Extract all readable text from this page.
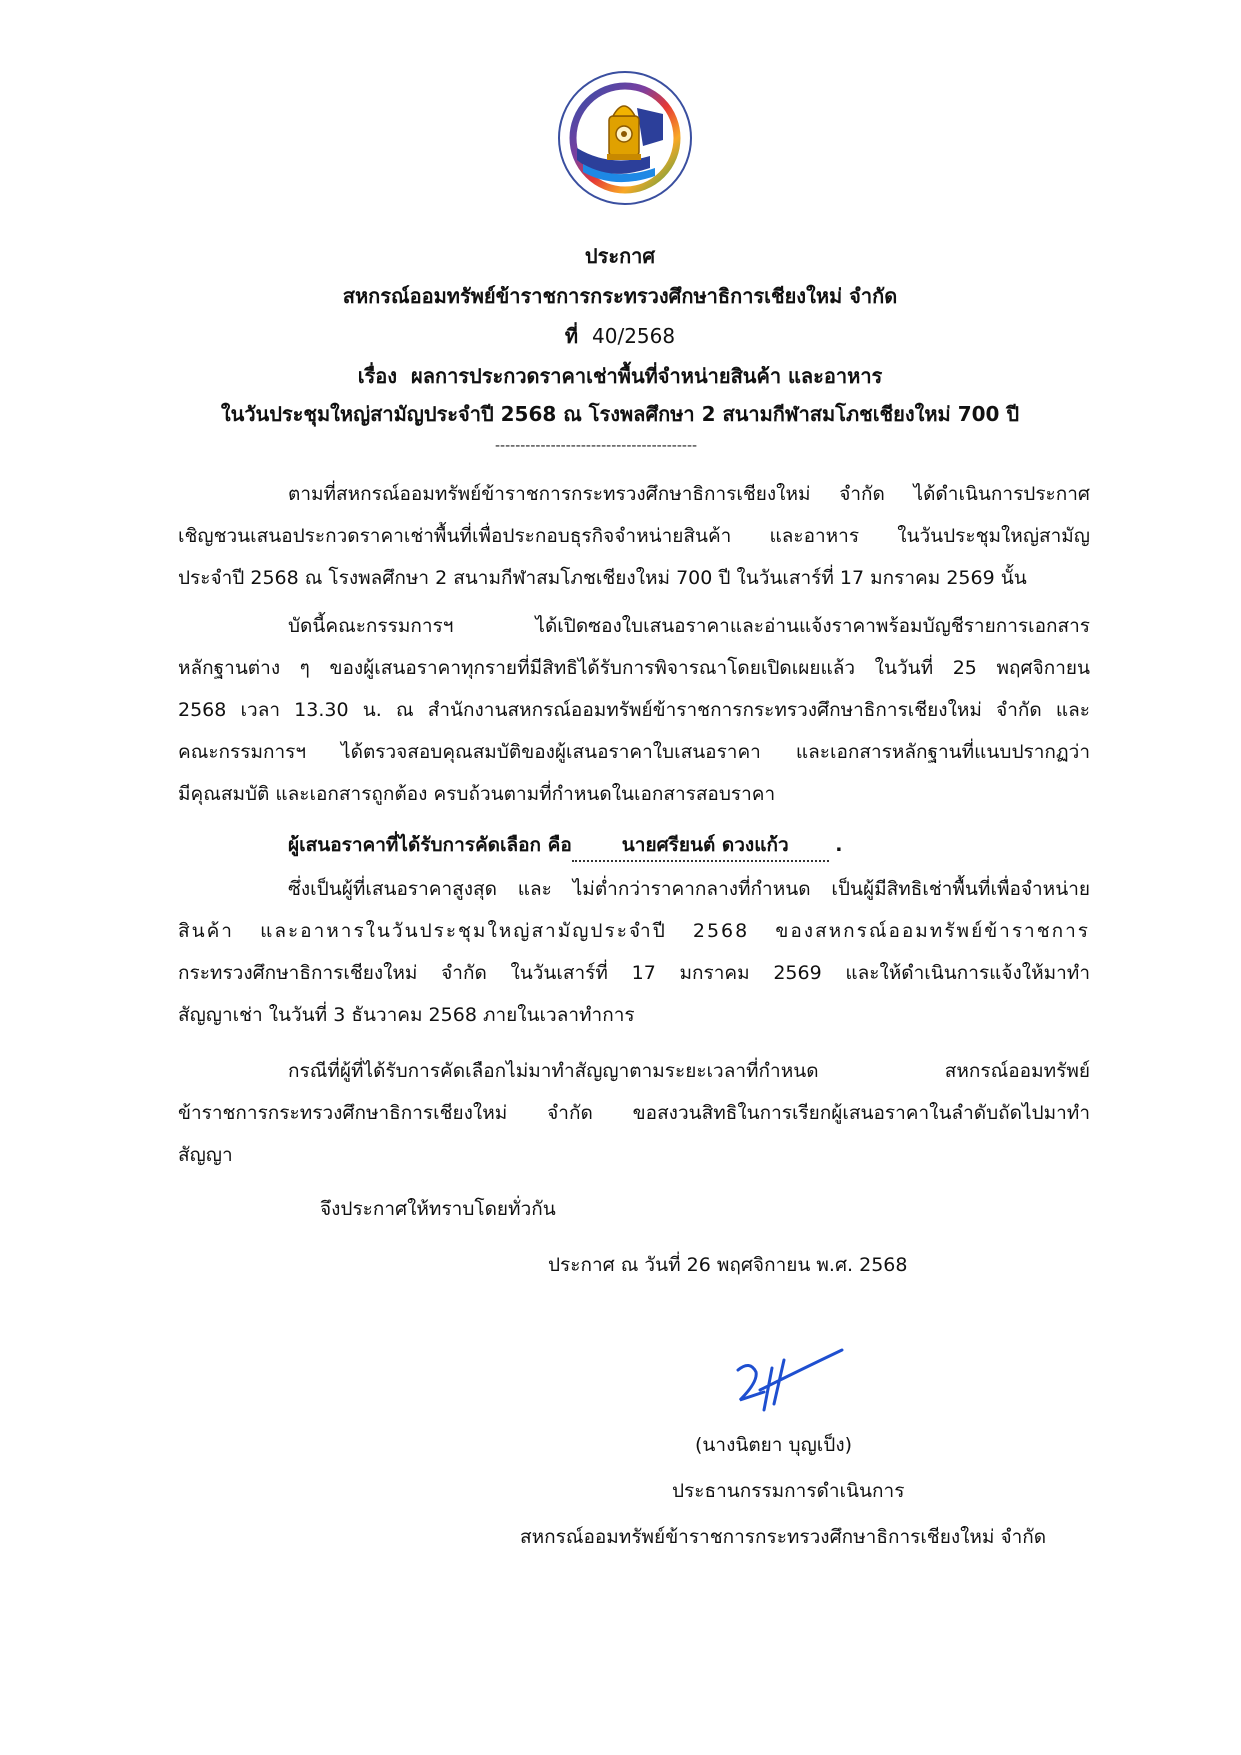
ประกาศ
สหกรณ์ออมทรัพย์ข้าราชการกระทรวงศึกษาธิการเชียงใหม่ จำกัด
ที่ 40/2568
เรื่อง ผลการประกวดราคาเช่าพื้นที่จำหน่ายสินค้า และอาหาร
ในวันประชุมใหญ่สามัญประจำปี 2568 ณ โรงพลศึกษา 2 สนามกีฬาสมโภชเชียงใหม่ 700 ปี
----------------------------------------
ตามที่สหกรณ์ออมทรัพย์ข้าราชการกระทรวงศึกษาธิการเชียงใหม่ จำกัด ได้ดำเนินการประกาศ
เชิญชวนเสนอประกวดราคาเช่าพื้นที่เพื่อประกอบธุรกิจจำหน่ายสินค้า และอาหาร ในวันประชุมใหญ่สามัญ
ประจำปี 2568 ณ โรงพลศึกษา 2 สนามกีฬาสมโภชเชียงใหม่ 700 ปี ในวันเสาร์ที่ 17 มกราคม 2569 นั้น
บัดนี้คณะกรรมการฯ ได้เปิดซองใบเสนอราคาและอ่านแจ้งราคาพร้อมบัญชีรายการเอกสาร
หลักฐานต่าง ๆ ของผู้เสนอราคาทุกรายที่มีสิทธิได้รับการพิจารณาโดยเปิดเผยแล้ว ในวันที่ 25 พฤศจิกายน
2568 เวลา 13.30 น. ณ สำนักงานสหกรณ์ออมทรัพย์ข้าราชการกระทรวงศึกษาธิการเชียงใหม่ จำกัด และ
คณะกรรมการฯ ได้ตรวจสอบคุณสมบัติของผู้เสนอราคาใบเสนอราคา และเอกสารหลักฐานที่แนบปรากฏว่า
มีคุณสมบัติ และเอกสารถูกต้อง ครบถ้วนตามที่กำหนดในเอกสารสอบราคา
ผู้เสนอราคาที่ได้รับการคัดเลือก คือ	นายศรียนต์ ดวงแก้ว .
ซึ่งเป็นผู้ที่เสนอราคาสูงสุด และ ไม่ต่ำกว่าราคากลางที่กำหนด เป็นผู้มีสิทธิเช่าพื้นที่เพื่อจำหน่าย
สินค้า และอาหารในวันประชุมใหญ่สามัญประจำปี 2568 ของสหกรณ์ออมทรัพย์ข้าราชการ
กระทรวงศึกษาธิการเชียงใหม่ จำกัด ในวันเสาร์ที่ 17 มกราคม 2569 และให้ดำเนินการแจ้งให้มาทำ
สัญญาเช่า ในวันที่ 3 ธันวาคม 2568 ภายในเวลาทำการ
กรณีที่ผู้ที่ได้รับการคัดเลือกไม่มาทำสัญญาตามระยะเวลาที่กำหนด สหกรณ์ออมทรัพย์
ข้าราชการกระทรวงศึกษาธิการเชียงใหม่ จำกัด ขอสงวนสิทธิในการเรียกผู้เสนอราคาในลำดับถัดไปมาทำ
สัญญา
จึงประกาศให้ทราบโดยทั่วกัน
ประกาศ ณ วันที่ 26 พฤศจิกายน พ.ศ. 2568
(นางนิตยา บุญเป็ง)
ประธานกรรมการดำเนินการ
สหกรณ์ออมทรัพย์ข้าราชการกระทรวงศึกษาธิการเชียงใหม่ จำกัด
